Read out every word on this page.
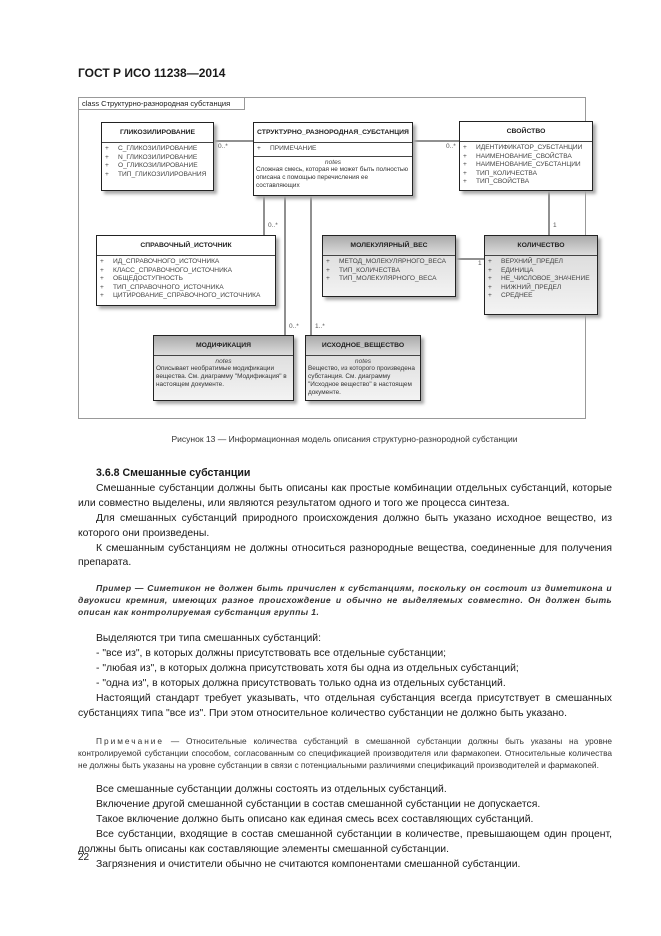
ГОСТ Р ИСО 11238—2014
class Структурно-разнородная субстанция
ГЛИКОЗИЛИРОВАНИЕ
+ С_ГЛИКОЗИЛИРОВАНИЕ
+ N_ГЛИКОЗИЛИРОВАНИЕ
+ О_ГЛИКОЗИЛИРОВАНИЕ
+ ТИП_ГЛИКОЗИЛИРОВАНИЯ
СТРУКТУРНО_РАЗНОРОДНАЯ_СУБСТАНЦИЯ
+ ПРИМЕЧАНИЕ
notes
Сложная смесь, которая не может быть полностью описана с помощью перечисления ее составляющих
СВОЙСТВО
+ ИДЕНТИФИКАТОР_СУБСТАНЦИИ
+ НАИМЕНОВАНИЕ_СВОЙСТВА
+ НАИМЕНОВАНИЕ_СУБСТАНЦИИ
+ ТИП_КОЛИЧЕСТВА
+ ТИП_СВОЙСТВА
СПРАВОЧНЫЙ_ИСТОЧНИК
+ ИД_СПРАВОЧНОГО_ИСТОЧНИКА
+ КЛАСС_СПРАВОЧНОГО_ИСТОЧНИКА
+ ОБЩЕДОСТУПНОСТЬ
+ ТИП_СПРАВОЧНОГО_ИСТОЧНИКА
+ ЦИТИРОВАНИЕ_СПРАВОЧНОГО_ИСТОЧНИКА
МОЛЕКУЛЯРНЫЙ_ВЕС
+ МЕТОД_МОЛЕКУЛЯРНОГО_ВЕСА
+ ТИП_КОЛИЧЕСТВА
+ ТИП_МОЛЕКУЛЯРНОГО_ВЕСА
КОЛИЧЕСТВО
+ ВЕРХНИЙ_ПРЕДЕЛ
+ ЕДИНИЦА
+ НЕ_ЧИСЛОВОЕ_ЗНАЧЕНИЕ
+ НИЖНИЙ_ПРЕДЕЛ
+ СРЕДНЕЕ
МОДИФИКАЦИЯ
notes
Описывает необратимые модификации вещества. См. диаграмму "Модификация" в настоящем документе.
ИСХОДНОЕ_ВЕЩЕСТВО
notes
Вещество, из которого произведена субстанция. См. диаграмму "Исходное вещество" в настоящем документе.
0..*	0..*
0..*	1
1
0..* 1..*
Рисунок 13 — Информационная модель описания структурно-разнородной субстанции
3.6.8 Смешанные субстанции

Смешанные субстанции должны быть описаны как простые комбинации отдельных субстанций, которые или совместно выделены, или являются результатом одного и того же процесса синтеза.

Для смешанных субстанций природного происхождения должно быть указано исходное вещество, из которого они произведены.

К смешанным субстанциям не должны относиться разнородные вещества, соединенные для получения препарата.

Пример — Симетикон не должен быть причислен к субстанциям, поскольку он состоит из диметикона и двуокиси кремния, имеющих разное происхождение и обычно не выделяемых совместно. Он должен быть описан как контролируемая субстанция группы 1.

Выделяются три типа смешанных субстанций:

- "все из", в которых должны присутствовать все отдельные субстанции;

- "любая из", в которых должна присутствовать хотя бы одна из отдельных субстанций;

- "одна из", в которых должна присутствовать только одна из отдельных субстанций.

Настоящий стандарт требует указывать, что отдельная субстанция всегда присутствует в смешанных субстанциях типа "все из". При этом относительное количество субстанции не должно быть указано.

Примечание — Относительные количества субстанций в смешанной субстанции должны быть указаны на уровне контролируемой субстанции способом, согласованным со спецификацией производителя или фармакопеи. Относительные количества не должны быть указаны на уровне субстанции в связи с потенциальными различиями спецификаций производителей и фармакопей.

Все смешанные субстанции должны состоять из отдельных субстанций.

Включение другой смешанной субстанции в состав смешанной субстанции не допускается.

Такое включение должно быть описано как единая смесь всех составляющих субстанций.

Все субстанции, входящие в состав смешанной субстанции в количестве, превышающем один процент, должны быть описаны как составляющие элементы смешанной субстанции.

Загрязнения и очистители обычно не считаются компонентами смешанной субстанции.

22
